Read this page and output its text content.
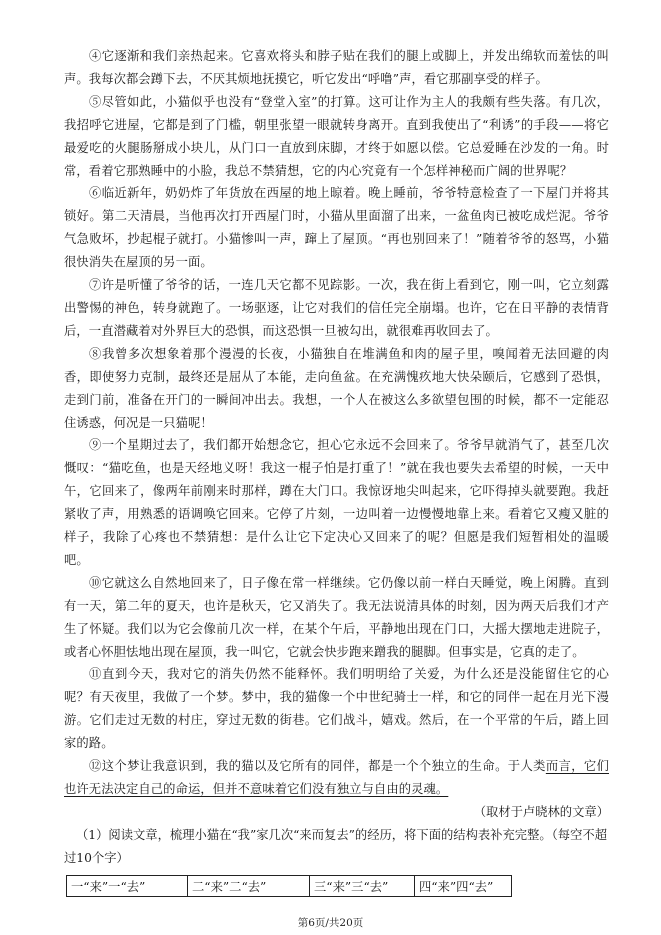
④它逐渐和我们亲热起来。它喜欢将头和脖子贴在我们的腿上或脚上，并发出绵软而羞怯的叫声。我每次都会蹲下去，不厌其烦地抚摸它，听它发出“呼噜”声，看它那副享受的样子。

⑤尽管如此，小猫似乎也没有“登堂入室”的打算。这可让作为主人的我颇有些失落。有几次，我招呼它进屋，它都是到了门槛，朝里张望一眼就转身离开。直到我使出了“利诱”的手段——将它最爱吃的火腿肠掰成小块儿，从门口一直放到床脚，才终于如愿以偿。它总爱睡在沙发的一角。时常，看着它那熟睡中的小脸，我总不禁猜想，它的内心究竟有一个怎样神秘而广阔的世界呢？

⑥临近新年，奶奶炸了年货放在西屋的地上晾着。晚上睡前，爷爷特意检查了一下屋门并将其锁好。第二天清晨，当他再次打开西屋门时，小猫从里面溜了出来，一盆鱼肉已被吃成烂泥。爷爷气急败坏，抄起棍子就打。小猫惨叫一声，蹿上了屋顶。“再也别回来了！”随着爷爷的怒骂，小猫很快消失在屋顶的另一面。

⑦许是听懂了爷爷的话，一连几天它都不见踪影。一次，我在街上看到它，刚一叫，它立刻露出警惕的神色，转身就跑了。一场驱逐，让它对我们的信任完全崩塌。也许，它在日平静的表情背后，一直潜藏着对外界巨大的恐惧，而这恐惧一旦被勾出，就很难再收回去了。

⑧我曾多次想象着那个漫漫的长夜，小猫独自在堆满鱼和肉的屋子里，嗅闻着无法回避的肉香，即使努力克制，最终还是屈从了本能，走向鱼盆。在充满愧疚地大快朵颐后，它感到了恐惧，走到门前，准备在开门的一瞬间冲出去。我想，一个人在被这么多欲望包围的时候，都不一定能忍住诱惑，何况是一只猫呢！

⑨一个星期过去了，我们都开始想念它，担心它永远不会回来了。爷爷早就消气了，甚至几次慨叹：“猫吃鱼，也是天经地义呀！我这一棍子怕是打重了！”就在我也要失去希望的时候，一天中午，它回来了，像两年前刚来时那样，蹲在大门口。我惊讶地尖叫起来，它吓得掉头就要跑。我赶紧收了声，用熟悉的语调唤它回来。它停了片刻，一边叫着一边慢慢地靠上来。看着它又瘦又脏的样子，我除了心疼也不禁猜想：是什么让它下定决心又回来了的呢？但愿是我们短暂相处的温暖吧。

⑩它就这么自然地回来了，日子像在常一样继续。它仍像以前一样白天睡觉，晚上闲腾。直到有一天，第二年的夏天，也许是秋天，它又消失了。我无法说清具体的时刻，因为两天后我们才产生了怀疑。我们以为它会像前几次一样，在某个午后，平静地出现在门口，大摇大摆地走进院子，或者心怀胆怯地出现在屋顶，我一叫它，它就会快步跑来蹭我的腿脚。但事实是，它真的走了。

⑪直到今天，我对它的消失仍然不能释怀。我们明明给了关爱，为什么还是没能留住它的心呢？有天夜里，我做了一个梦。梦中，我的猫像一个中世纪骑士一样，和它的同伴一起在月光下漫游。它们走过无数的村庄，穿过无数的街巷。它们战斗，嬉戏。然后，在一个平常的午后，踏上回家的路。

⑫这个梦让我意识到，我的猫以及它所有的同伴，都是一个个独立的生命。于人类而言，它们也许无法决定自己的命运，但并不意味着它们没有独立与自由的灵魂。

（取材于卢晓林的文章）

（1）阅读文章，梳理小猫在“我”家几次“来而复去”的经历，将下面的结构表补充完整。（每空不超过10个字）

一“来”一“去”	二“来”二“去”	三“来”三“去”	四“来”四“去”
第6页/共20页
